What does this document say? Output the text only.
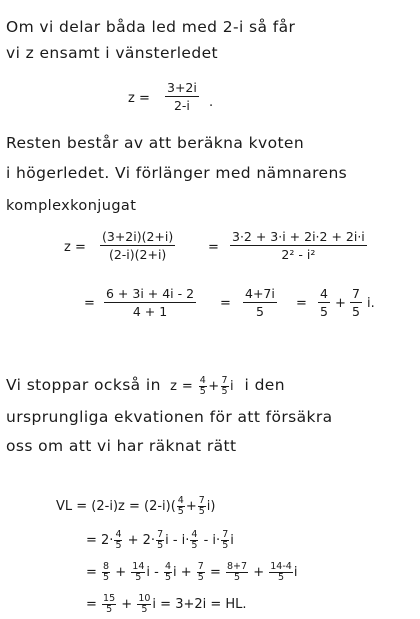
Om vi delar båda led med 2-i så får
vi z ensamt i vänsterledet
$z = \frac{3+2i}{2-i}$ .
Resten består av att beräkna kvoten
i högerledet. Vi förlänger med nämnarens
komplexkonjugat
$z = \frac{(3+2i)(2+i)}{(2-i)(2+i)}$	= $\frac{3\cdot 2 + 3\cdot i + 2i\cdot 2 + 2i\cdot i}{\text{2² - i²}}$
= $\frac{6 + 3i + 4i - 2}{4 + 1} = \frac{4+7i}{5} = \frac{4}{5} + \frac{7}{5} i$.
Vi stoppar också in $z = \frac{4}{5} + \frac{7}{5}$ i i den
ursprungliga ekvationen för att försäkra
oss om att vi har räknat rätt
VL = $(2-i)z = (2-i)( \frac{4}{5} + \frac{7}{5} i)$
= $2\cdot \frac{4}{5} + 2\cdot \frac{7}{5}$ $i - i\cdot \frac{4}{5} - i\cdot \frac{7}{5}$ i
= $\frac{8}{5} + \frac{14}{5}$ i - $\frac{4}{5}$ $i + \frac{7}{5} = \frac{8+7}{5} + \frac{14-4}{5}$ i
= $\frac{15}{5} + \frac{10}{5}$ i = 3+2i = HL.
